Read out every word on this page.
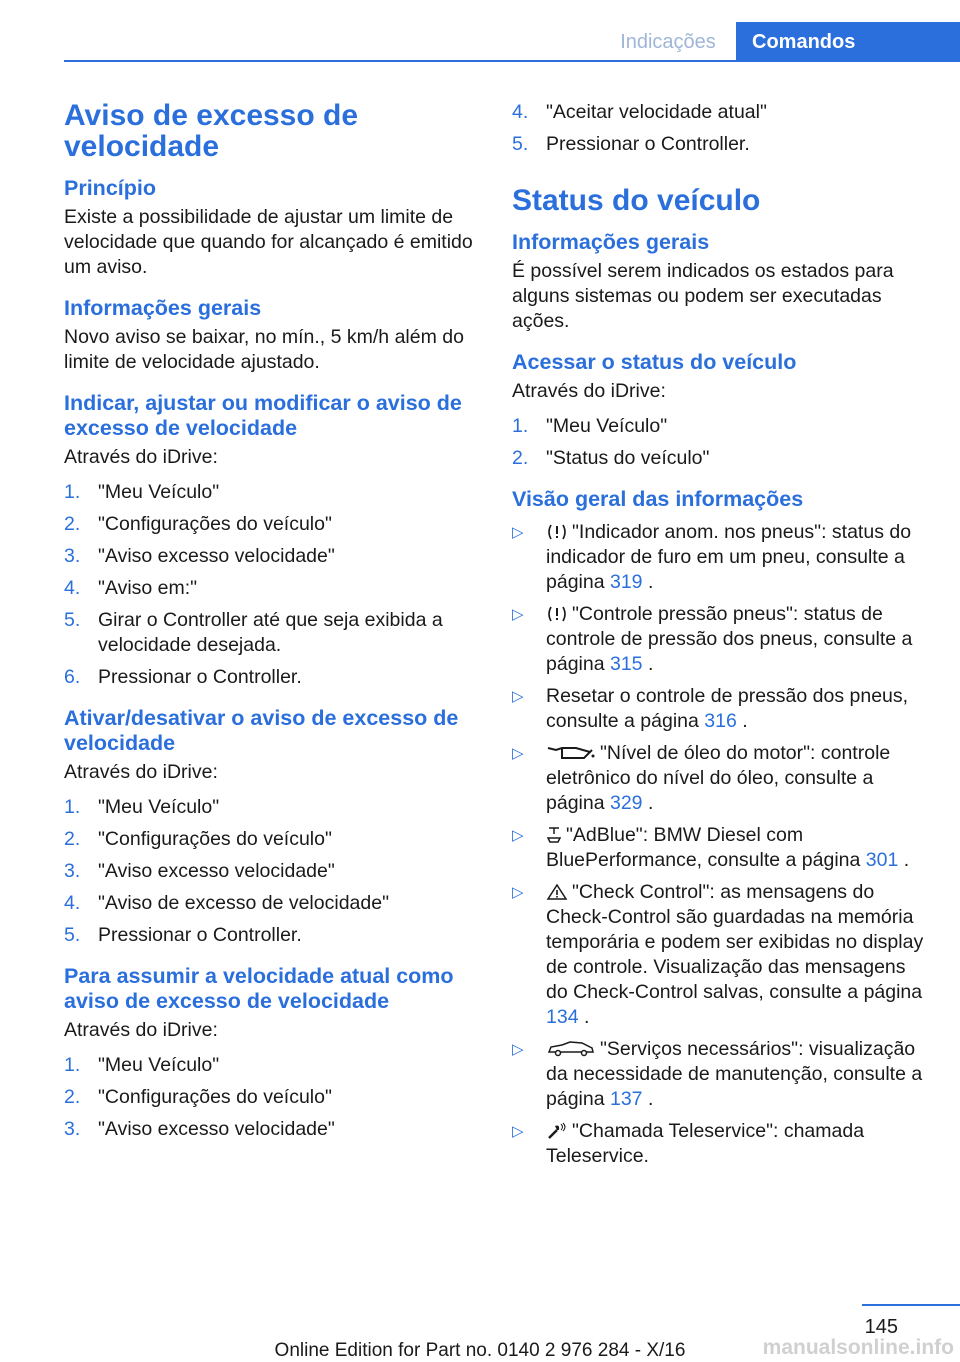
Indicações	Comandos
Aviso de excesso de velocidade
Princípio
Existe a possibilidade de ajustar um limite de velocidade que quando for alcançado é emitido um aviso.
Informações gerais
Novo aviso se baixar, no mín., 5 km/h além do limite de velocidade ajustado.
Indicar, ajustar ou modificar o aviso de excesso de velocidade
Através do iDrive:
1. "Meu Veículo"
2. "Configurações do veículo"
3. "Aviso excesso velocidade"
4. "Aviso em:"
5. Girar o Controller até que seja exibida a velocidade desejada.
6. Pressionar o Controller.
Ativar/desativar o aviso de excesso de velocidade
Através do iDrive:
1. "Meu Veículo"
2. "Configurações do veículo"
3. "Aviso excesso velocidade"
4. "Aviso de excesso de velocidade"
5. Pressionar o Controller.
Para assumir a velocidade atual como aviso de excesso de velocidade
Através do iDrive:
1. "Meu Veículo"
2. "Configurações do veículo"
3. "Aviso excesso velocidade"
4. "Aceitar velocidade atual"
5. Pressionar o Controller.
Status do veículo
Informações gerais
É possível serem indicados os estados para alguns sistemas ou podem ser executadas ações.
Acessar o status do veículo
Através do iDrive:
1. "Meu Veículo"
2. "Status do veículo"
Visão geral das informações
▷ "Indicador anom. nos pneus": status do indicador de furo em um pneu, consulte a página 319 .
▷ "Controle pressão pneus": status de controle de pressão dos pneus, consulte a página 315 .
▷ Resetar o controle de pressão dos pneus, consulte a página 316 .
▷	"Nível de óleo do motor": controle eletrônico do nível do óleo, consulte a página 329 .
▷ "AdBlue": BMW Diesel com BluePerformance, consulte a página 301 .
▷ "Check Control": as mensagens do Check-Control são guardadas na memória temporária e podem ser exibidas no display de controle. Visualização das mensagens do Check-Control salvas, consulte a página 134 .
▷	"Serviços necessários": visualização da necessidade de manutenção, consulte a página 137 .
▷ "Chamada Teleservice": chamada Teleservice.
145
Online Edition for Part no. 0140 2 976 284 - X/16	manualsonline.info
